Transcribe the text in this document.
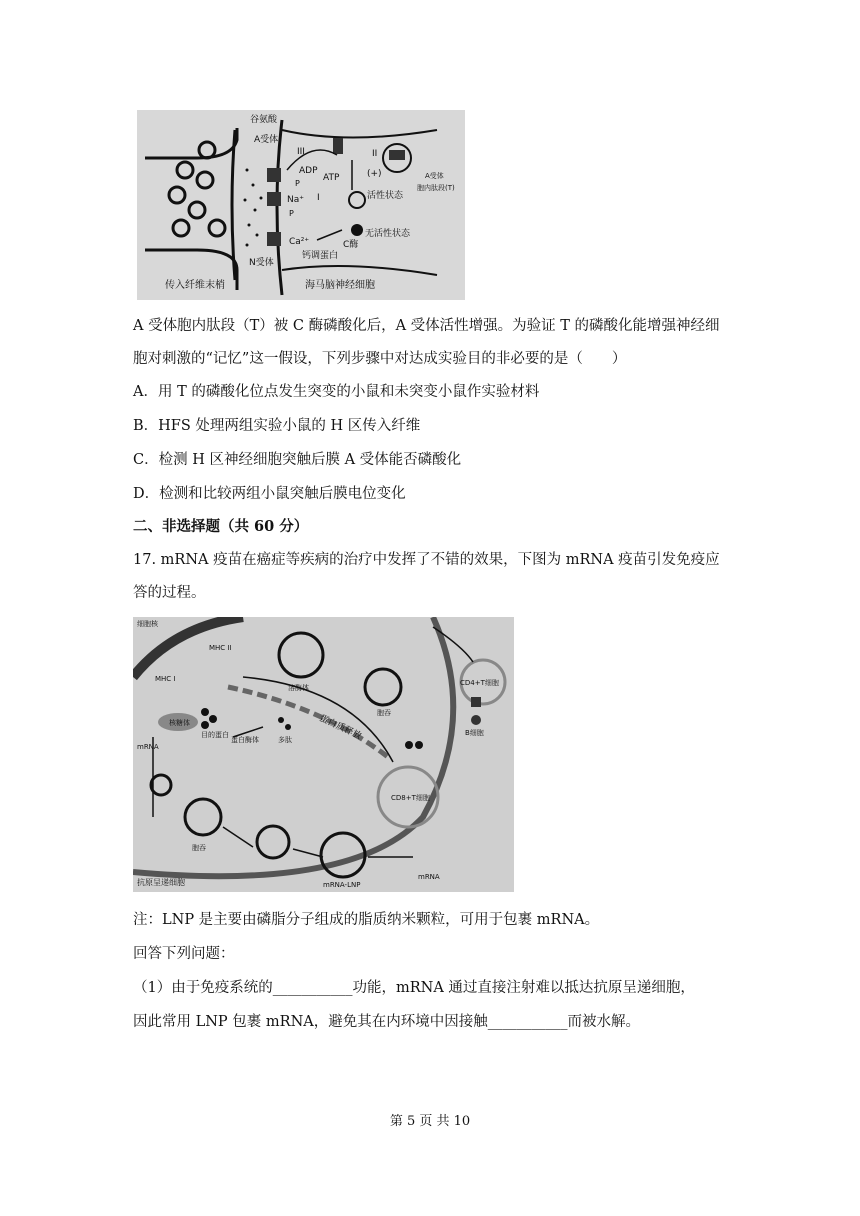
谷氨酸
A受体
III	II
ADP
ATP
P
P
(+)
Na⁺ I	活性状态
无活性状态
C酶
Ca²⁺
N受体
钙调蛋白
A受体
胞内肽段(T)
传入纤维末梢	海马脑神经细胞
A 受体胞内肽段（T）被 C 酶磷酸化后，A 受体活性增强。为验证 T 的磷酸化能增强神经细
胞对刺激的“记忆”这一假设，下列步骤中对达成实验目的非必要的是（　　）
A．用 T 的磷酸化位点发生突变的小鼠和未突变小鼠作实验材料
B．HFS 处理两组实验小鼠的 H 区传入纤维
C．检测 H 区神经细胞突触后膜 A 受体能否磷酸化
D．检测和比较两组小鼠突触后膜电位变化
二、非选择题（共 60 分）
17. mRNA 疫苗在癌症等疾病的治疗中发挥了不错的效果，下图为 mRNA 疫苗引发免疫应
答的过程。
细胞核
MHC II
MHC I
溶酶体
胞吞
CD4+T细胞
B细胞
核糖体
目的蛋白
蛋白酶体	多肽	蛋白质释放
mRNA
CD8+T细胞
胞吞
抗原呈递细胞	mRNA-LNP
mRNA
注：LNP 是主要由磷脂分子组成的脂质纳米颗粒，可用于包裹 mRNA。
回答下列问题：
（1）由于免疫系统的___________功能，mRNA 通过直接注射难以抵达抗原呈递细胞，
因此常用 LNP 包裹 mRNA，避免其在内环境中因接触___________而被水解。
第 5 页 共 10
